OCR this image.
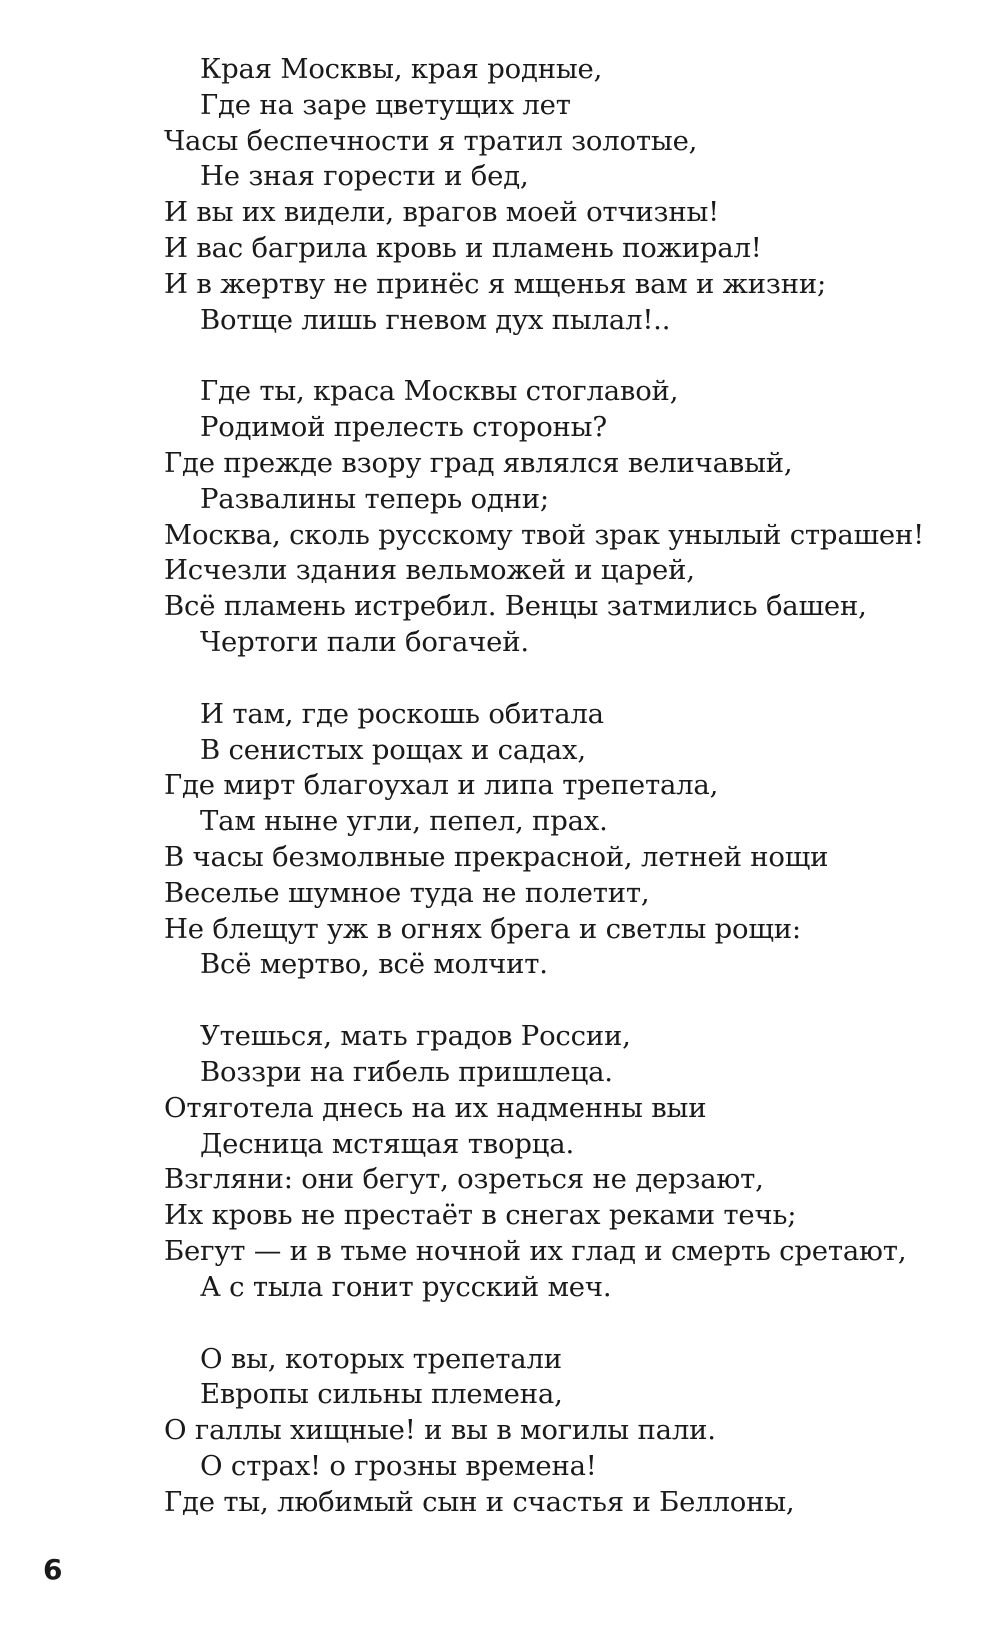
Края Москвы, края родные,
Где на заре цветущих лет
Часы беспечности я тратил золотые,
Не зная горести и бед,
И вы их видели, врагов моей отчизны!
И вас багрила кровь и пламень пожирал!
И в жертву не принёс я мщенья вам и жизни;
Вотще лишь гневом дух пылал!..
Где ты, краса Москвы стоглавой,
Родимой прелесть стороны?
Где прежде взору град являлся величавый,
Развалины теперь одни;
Москва, сколь русскому твой зрак унылый страшен!
Исчезли здания вельможей и царей,
Всё пламень истребил. Венцы затмились башен,
Чертоги пали богачей.
И там, где роскошь обитала
В сенистых рощах и садах,
Где мирт благоухал и липа трепетала,
Там ныне угли, пепел, прах.
В часы безмолвные прекрасной, летней нощи
Веселье шумное туда не полетит,
Не блещут уж в огнях брега и светлы рощи:
Всё мертво, всё молчит.
Утешься, мать градов России,
Воззри на гибель пришлеца.
Отяготела днесь на их надменны выи
Десница мстящая творца.
Взгляни: они бегут, озреться не дерзают,
Их кровь не престаёт в снегах реками течь;
Бегут — и в тьме ночной их глад и смерть сретают,
А с тыла гонит русский меч.
О вы, которых трепетали
Европы сильны племена,
О галлы хищные! и вы в могилы пали.
О страх! о грозны времена!
Где ты, любимый сын и счастья и Беллоны,
6
